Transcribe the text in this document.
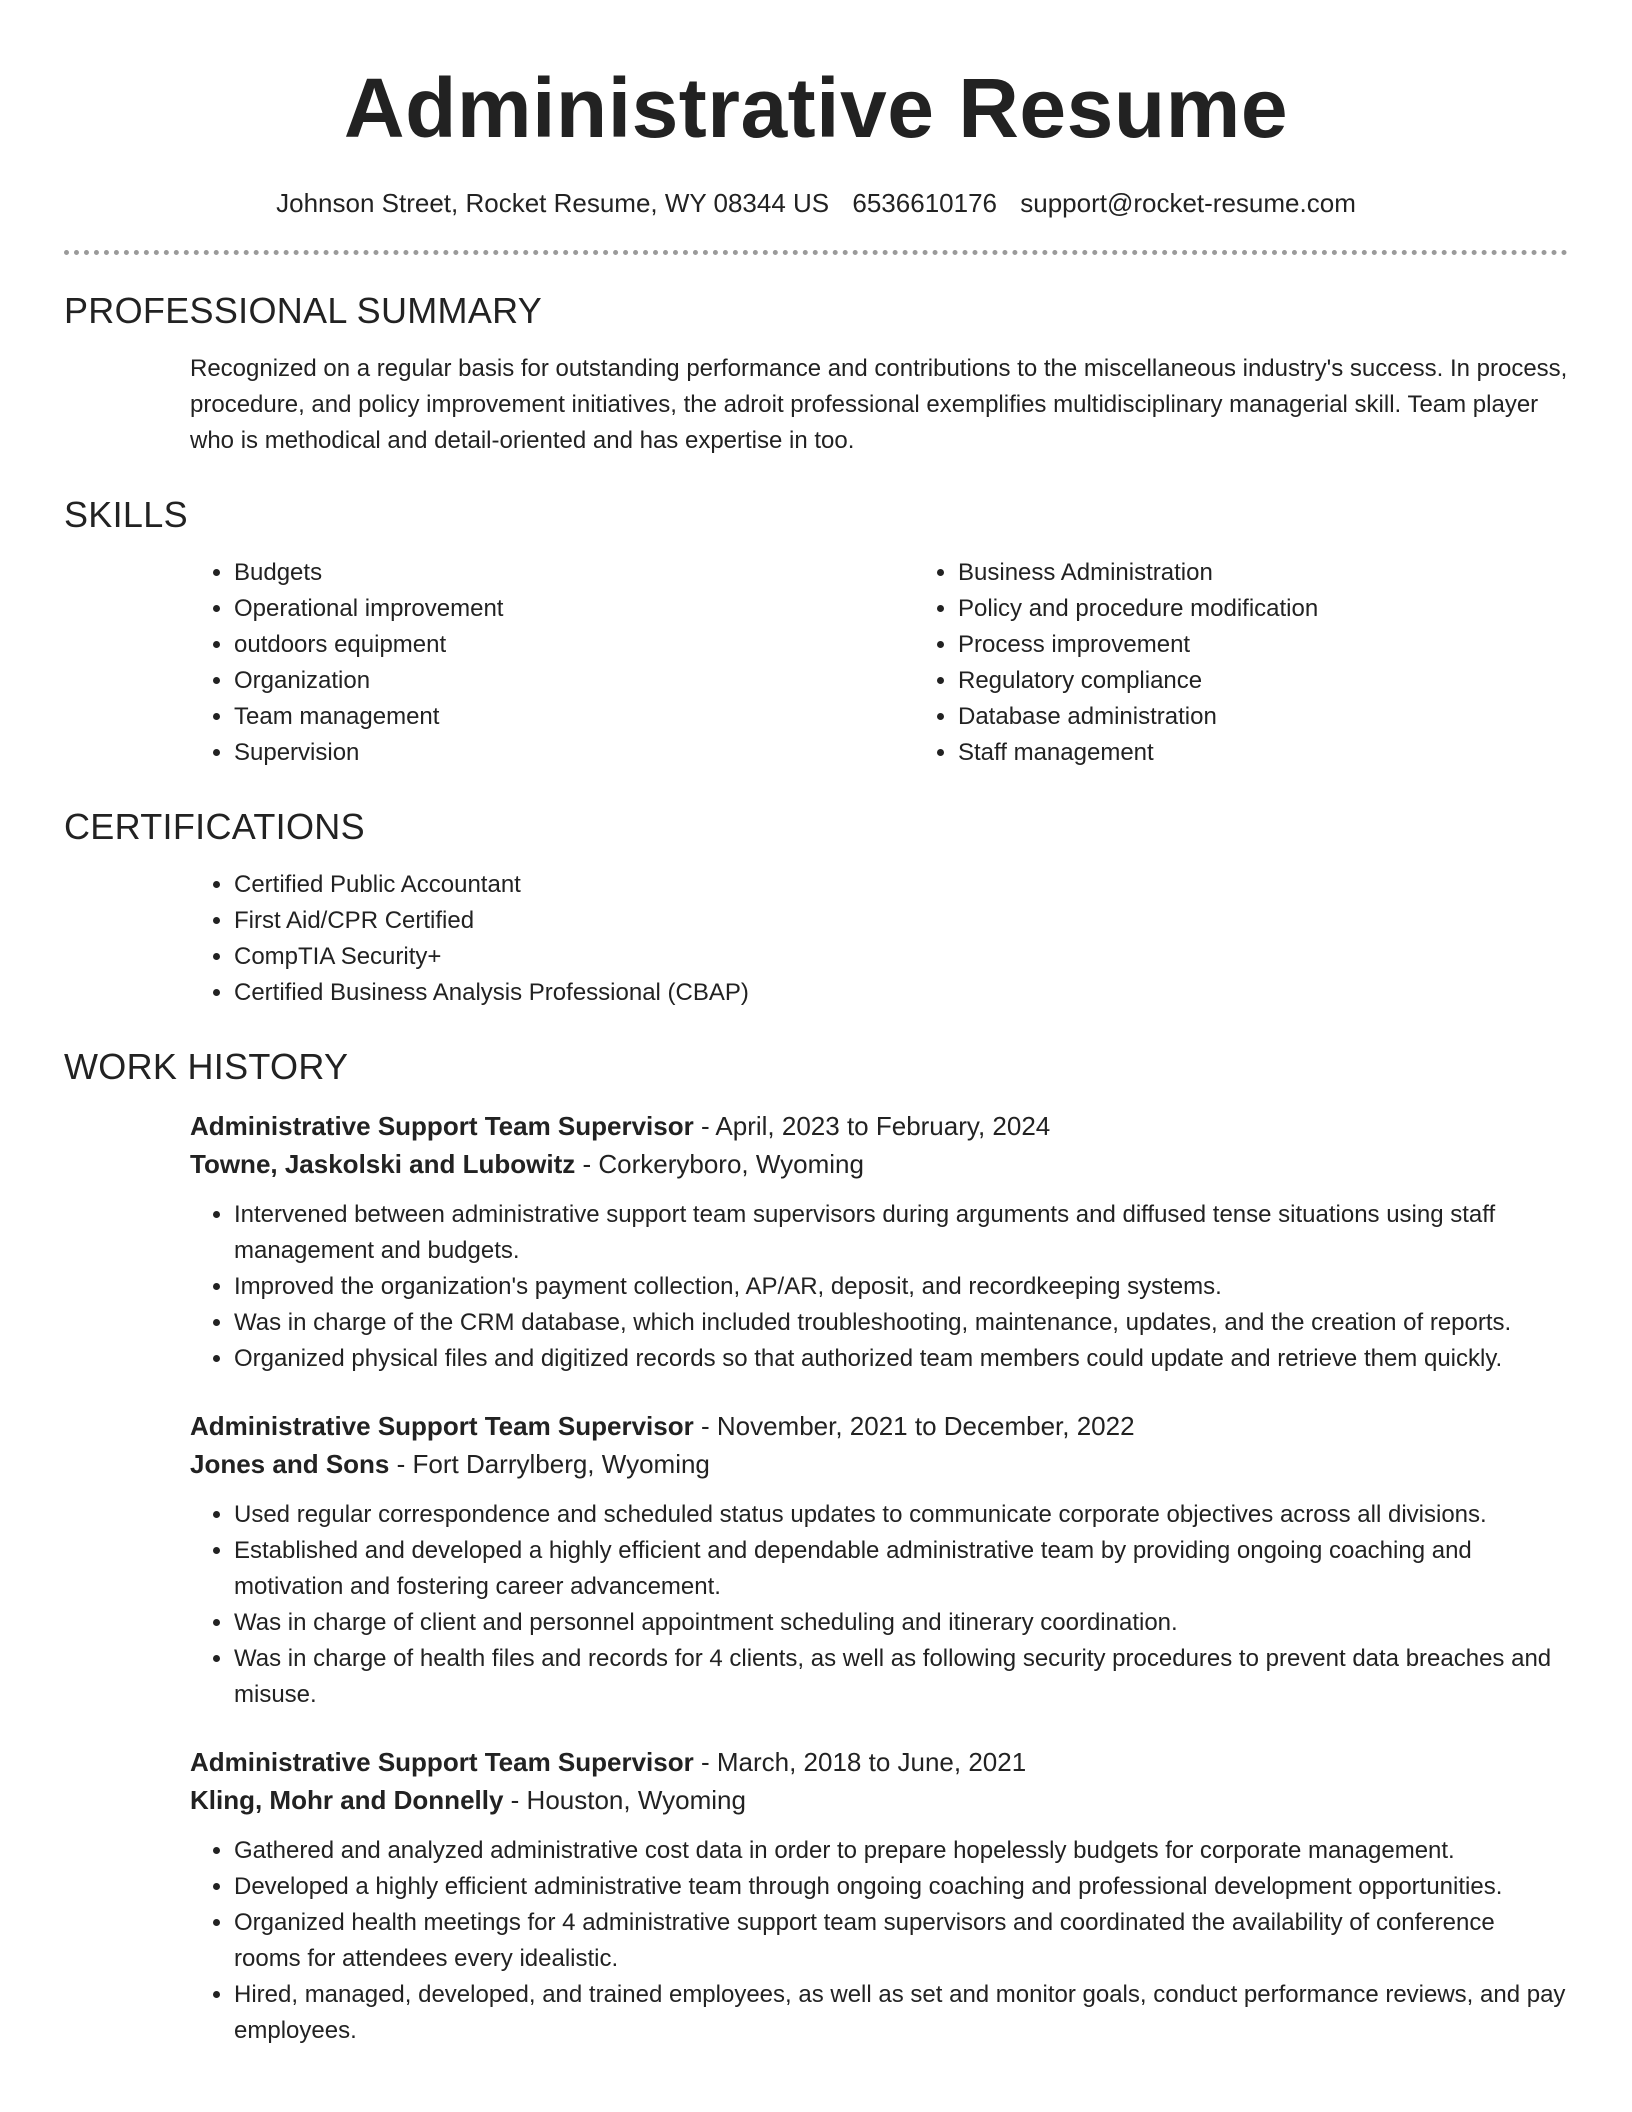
Administrative Resume
Johnson Street, Rocket Resume, WY 08344 US 6536610176 support@rocket-resume.com
PROFESSIONAL SUMMARY

Recognized on a regular basis for outstanding performance and contributions to the miscellaneous industry's success. In process, procedure, and policy improvement initiatives, the adroit professional exemplifies multidisciplinary managerial skill. Team player who is methodical and detail-oriented and has expertise in too.

SKILLS
• Budgets
• Operational improvement
• outdoors equipment
• Organization
• Team management
• Supervision
• Business Administration
• Policy and procedure modification
• Process improvement
• Regulatory compliance
• Database administration
• Staff management
CERTIFICATIONS
• Certified Public Accountant
• First Aid/CPR Certified
• CompTIA Security+
• Certified Business Analysis Professional (CBAP)
WORK HISTORY
Administrative Support Team Supervisor - April, 2023 to February, 2024
Towne, Jaskolski and Lubowitz - Corkeryboro, Wyoming
• Intervened between administrative support team supervisors during arguments and diffused tense situations using staff management and budgets.
• Improved the organization's payment collection, AP/AR, deposit, and recordkeeping systems.
• Was in charge of the CRM database, which included troubleshooting, maintenance, updates, and the creation of reports.
• Organized physical files and digitized records so that authorized team members could update and retrieve them quickly.
Administrative Support Team Supervisor - November, 2021 to December, 2022
Jones and Sons - Fort Darrylberg, Wyoming
• Used regular correspondence and scheduled status updates to communicate corporate objectives across all divisions.
• Established and developed a highly efficient and dependable administrative team by providing ongoing coaching and motivation and fostering career advancement.
• Was in charge of client and personnel appointment scheduling and itinerary coordination.
• Was in charge of health files and records for 4 clients, as well as following security procedures to prevent data breaches and misuse.
Administrative Support Team Supervisor - March, 2018 to June, 2021
Kling, Mohr and Donnelly - Houston, Wyoming
• Gathered and analyzed administrative cost data in order to prepare hopelessly budgets for corporate management.
• Developed a highly efficient administrative team through ongoing coaching and professional development opportunities.
• Organized health meetings for 4 administrative support team supervisors and coordinated the availability of conference rooms for attendees every idealistic.
• Hired, managed, developed, and trained employees, as well as set and monitor goals, conduct performance reviews, and pay employees.
